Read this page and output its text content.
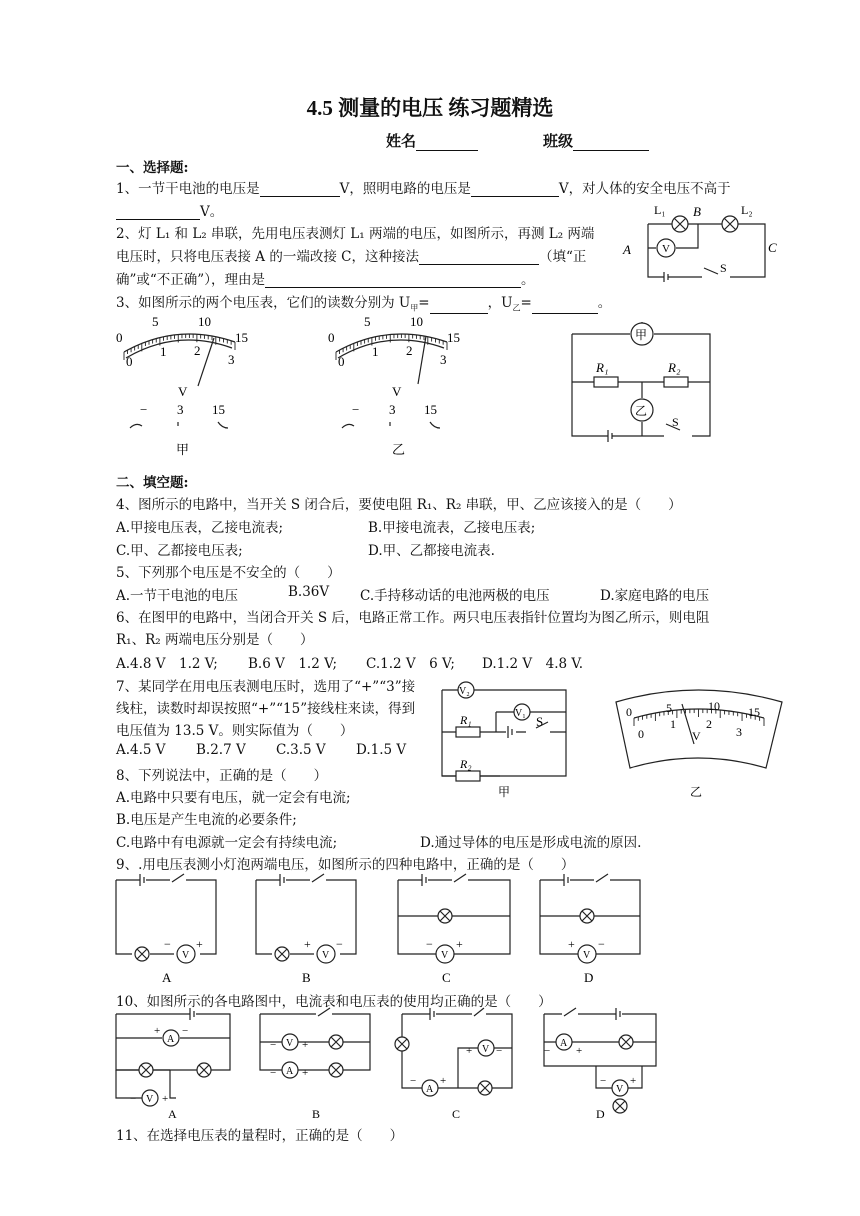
4.5 测量的电压 练习题精选
姓名	班级
一、选择题:
1、一节干电池的电压是	V，照明电路的电压是	V，对人体的安全电压不高于
V。
2、灯 L₁ 和 L₂ 串联，先用电压表测灯 L₁ 两端的电压，如图所示，再测 L₂ 两端
电压时，只将电压表接 A 的一端改接 C，这种接法	（填“正
确”或“不正确”），理由是	。
V
L₁ B	L₂
A	C
S
3、如图所示的两个电压表，它们的读数分别为 $U_甲=$	，$U_乙=$	。
5	10
15
0
0
1 2
3
V
− 3 15
甲
5	10
15
0
0
1 2
3
V
− 3 15
乙
甲
乙
R₁	R₂
S
二、填空题:
4、图所示的电路中，当开关 S 闭合后，要使电阻 R₁、R₂ 串联，甲、乙应该接入的是（　　）
A.甲接电压表，乙接电流表;	B.甲接电流表，乙接电压表;
C.甲、乙都接电压表;	D.甲、乙都接电流表.
5、下列那个电压是不安全的（　　）
A.一节干电池的电压	B.36V C.手持移动话的电池两极的电压	D.家庭电路的电压
6、在图甲的电路中，当闭合开关 S 后，电路正常工作。两只电压表指针位置均为图乙所示，则电阻
R₁、R₂ 两端电压分别是（　　）
A.4.8 V　1.2 V; B.6 V　1.2 V; C.1.2 V　6 V; D.1.2 V　4.8 V.
7、某同学在用电压表测电压时，选用了“+”“3”接
线柱，读数时却误按照“+”“15”接线柱来读，得到
电压值为 13.5 V。则实际值为（　　）
A.4.5 V B.2.7 V C.3.5 V D.1.5 V
V₂
V₁
R₁
R₂
S
甲
0	5	10 15
0
1	2
3
V
乙
8、下列说法中，正确的是（　　）
A.电路中只要有电压，就一定会有电流;
B.电压是产生电流的必要条件;
C.电路中有电源就一定会有持续电流;	D.通过导体的电压是形成电流的原因.
9、.用电压表测小灯泡两端电压，如图所示的四种电路中，正确的是（　　）
V
− +
A
V
+ −
B
V
− +
C
V
+ −
D
10、如图所示的各电路图中，电流表和电压表的使用均正确的是（　　）
A
+ −
V
− +
A
V
− +
A
− +
B
A
− +
V
+ −
C
A
− +
V
− +
D
11、在选择电压表的量程时，正确的是（　　）
